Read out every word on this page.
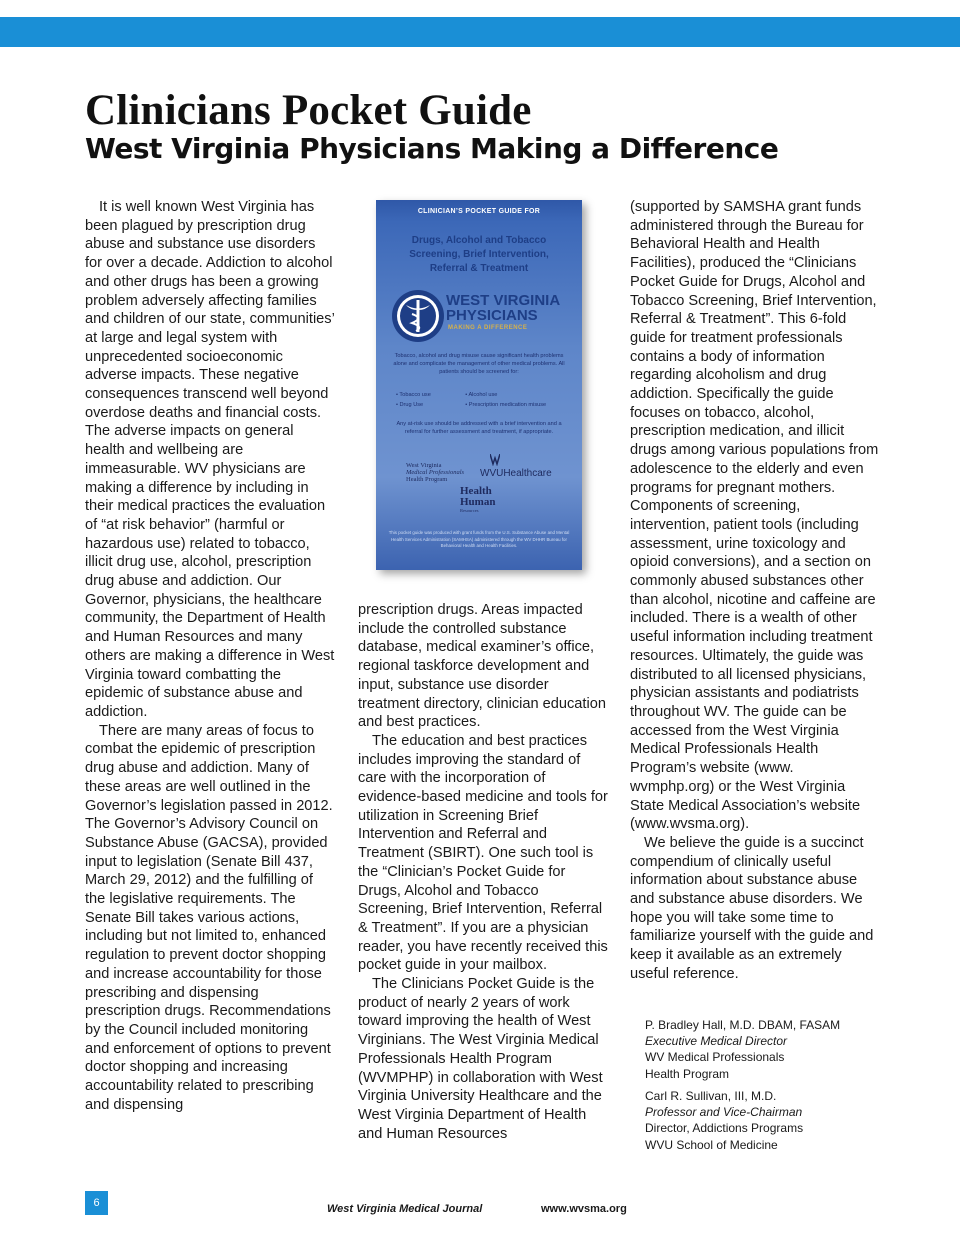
Clinicians Pocket Guide
West Virginia Physicians Making a Difference

It is well known West Virginia has been plagued by prescription drug abuse and substance use disorders for over a decade. Addiction to alcohol and other drugs has been a growing problem adversely affecting families and children of our state, communities’ at large and legal system with unprecedented socioeconomic adverse impacts. These negative consequences transcend well beyond overdose deaths and financial costs. The adverse impacts on general health and wellbeing are immeasurable. WV physicians are making a difference by including in their medical practices the evaluation of “at risk behavior” (harmful or hazardous use) related to tobacco, illicit drug use, alcohol, prescription drug abuse and addiction. Our Governor, physicians, the healthcare community, the Department of Health and Human Resources and many others are making a difference in West Virginia toward combatting the epidemic of substance abuse and addiction.

There are many areas of focus to combat the epidemic of prescription drug abuse and addiction. Many of these areas are well outlined in the Governor’s legislation passed in 2012. The Governor’s Advisory Council on Substance Abuse (GACSA), provided input to legislation (Senate Bill 437, March 29, 2012) and the fulfilling of the legislative requirements. The Senate Bill takes various actions, including but not limited to, enhanced regulation to prevent doctor shopping and increase accountability for those prescribing and dispensing prescription drugs. Recommendations by the Council included monitoring and enforcement of options to prevent doctor shopping and increasing accountability related to prescribing and dispensing

CLINICIAN’S POCKET GUIDE FOR
Drugs, Alcohol and Tobacco
Screening, Brief Intervention,
Referral & Treatment
WEST VIRGINIA
PHYSICIANS
MAKING A DIFFERENCE
Tobacco, alcohol and drug misuse cause significant health problems alone and complicate the management of other medical problems. All patients should be screened for:
• Tobacco use	• Alcohol use
• Drug Use	• Prescription medication misuse
Any at-risk use should be addressed with a brief intervention and a referral for further assessment and treatment, if appropriate.
West Virginia
Medical Professionals
Health Program
WVUHealthcare
Health
Human
Resources
This pocket guide was produced with grant funds from the U.S. Substance Abuse and Mental Health Services Administration (SAMHSA) administered through the WV DHHR Bureau for Behavioral Health and Health Facilities.

prescription drugs. Areas impacted include the controlled substance database, medical examiner’s office, regional taskforce development and input, substance use disorder treatment directory, clinician education and best practices.

The education and best practices includes improving the standard of care with the incorporation of evidence-based medicine and tools for utilization in Screening Brief Intervention and Referral and Treatment (SBIRT). One such tool is the “Clinician’s Pocket Guide for Drugs, Alcohol and Tobacco Screening, Brief Intervention, Referral & Treatment”. If you are a physician reader, you have recently received this pocket guide in your mailbox.

The Clinicians Pocket Guide is the product of nearly 2 years of work toward improving the health of West Virginians. The West Virginia Medical Professionals Health Program (WVMPHP) in collaboration with West Virginia University Healthcare and the West Virginia Department of Health and Human Resources

(supported by SAMSHA grant funds administered through the Bureau for Behavioral Health and Health Facilities), produced the “Clinicians Pocket Guide for Drugs, Alcohol and Tobacco Screening, Brief Intervention, Referral & Treatment”. This 6-fold guide for treatment professionals contains a body of information regarding alcoholism and drug addiction. Specifically the guide focuses on tobacco, alcohol, prescription medication, and illicit drugs among various populations from adolescence to the elderly and even programs for pregnant mothers. Components of screening, intervention, patient tools (including assessment, urine toxicology and opioid conversions), and a section on commonly abused substances other than alcohol, nicotine and caffeine are included. There is a wealth of other useful information including treatment resources. Ultimately, the guide was distributed to all licensed physicians, physician assistants and podiatrists throughout WV. The guide can be accessed from the West Virginia Medical Professionals Health Program’s website (www. wvmphp.org) or the West Virginia State Medical Association’s website (www.wvsma.org).

We believe the guide is a succinct compendium of clinically useful information about substance abuse and substance abuse disorders. We hope you will take some time to familiarize yourself with the guide and keep it available as an extremely useful reference.

P. Bradley Hall, M.D. DBAM, FASAM
Executive Medical Director
WV Medical Professionals
Health Program
Carl R. Sullivan, III, M.D.
Professor and Vice-Chairman
Director, Addictions Programs
WVU School of Medicine
6	West Virginia Medical Journal	www.wvsma.org
